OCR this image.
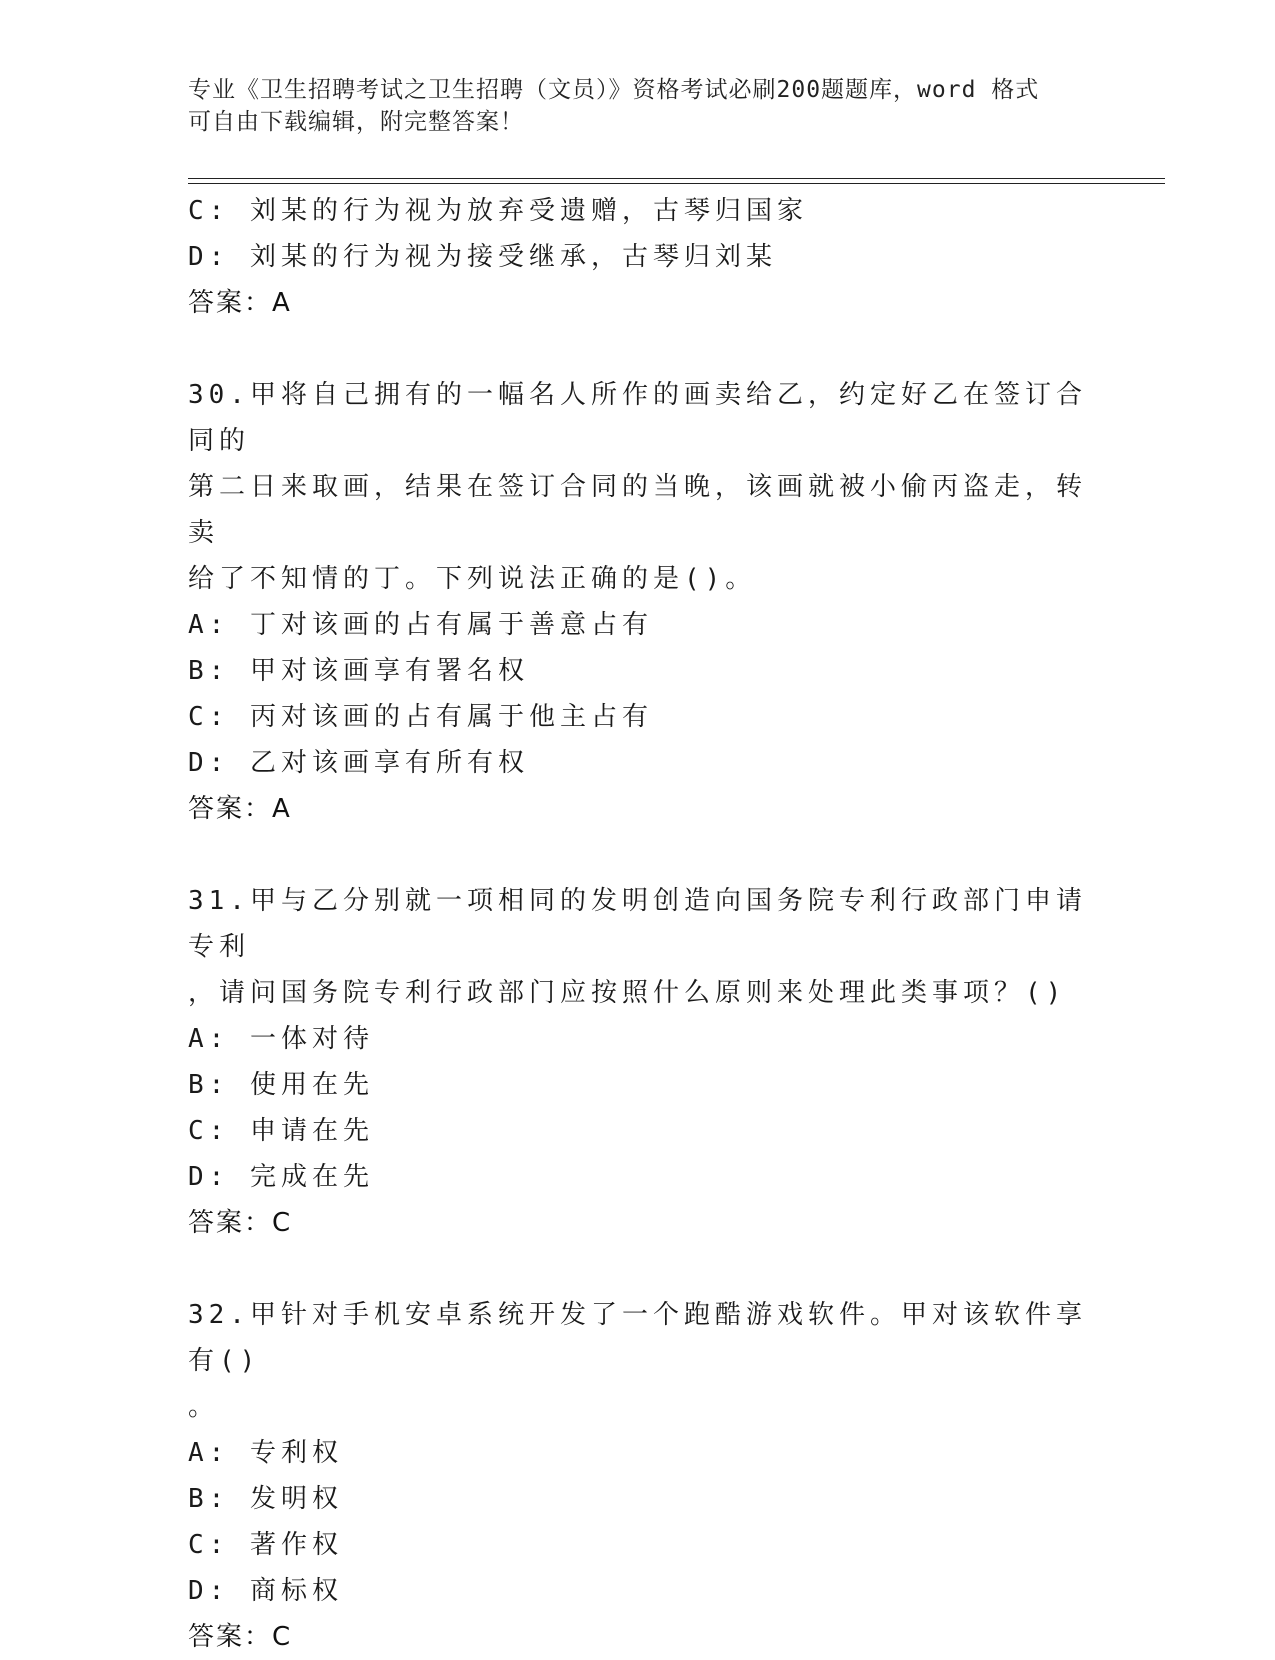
专业《卫生招聘考试之卫生招聘（文员）》资格考试必刷200题题库，word 格式
可自由下载编辑，附完整答案！
C: 刘某的行为视为放弃受遗赠，古琴归国家
D: 刘某的行为视为接受继承，古琴归刘某
答案：A
30.甲将自己拥有的一幅名人所作的画卖给乙，约定好乙在签订合同的
第二日来取画，结果在签订合同的当晚，该画就被小偷丙盗走，转卖
给了不知情的丁。下列说法正确的是()。
A: 丁对该画的占有属于善意占有
B: 甲对该画享有署名权
C: 丙对该画的占有属于他主占有
D: 乙对该画享有所有权
答案：A
31.甲与乙分别就一项相同的发明创造向国务院专利行政部门申请专利
，请问国务院专利行政部门应按照什么原则来处理此类事项？()
A: 一体对待
B: 使用在先
C: 申请在先
D: 完成在先
答案：C
32.甲针对手机安卓系统开发了一个跑酷游戏软件。甲对该软件享有()
。
A: 专利权
B: 发明权
C: 著作权
D: 商标权
答案：C
